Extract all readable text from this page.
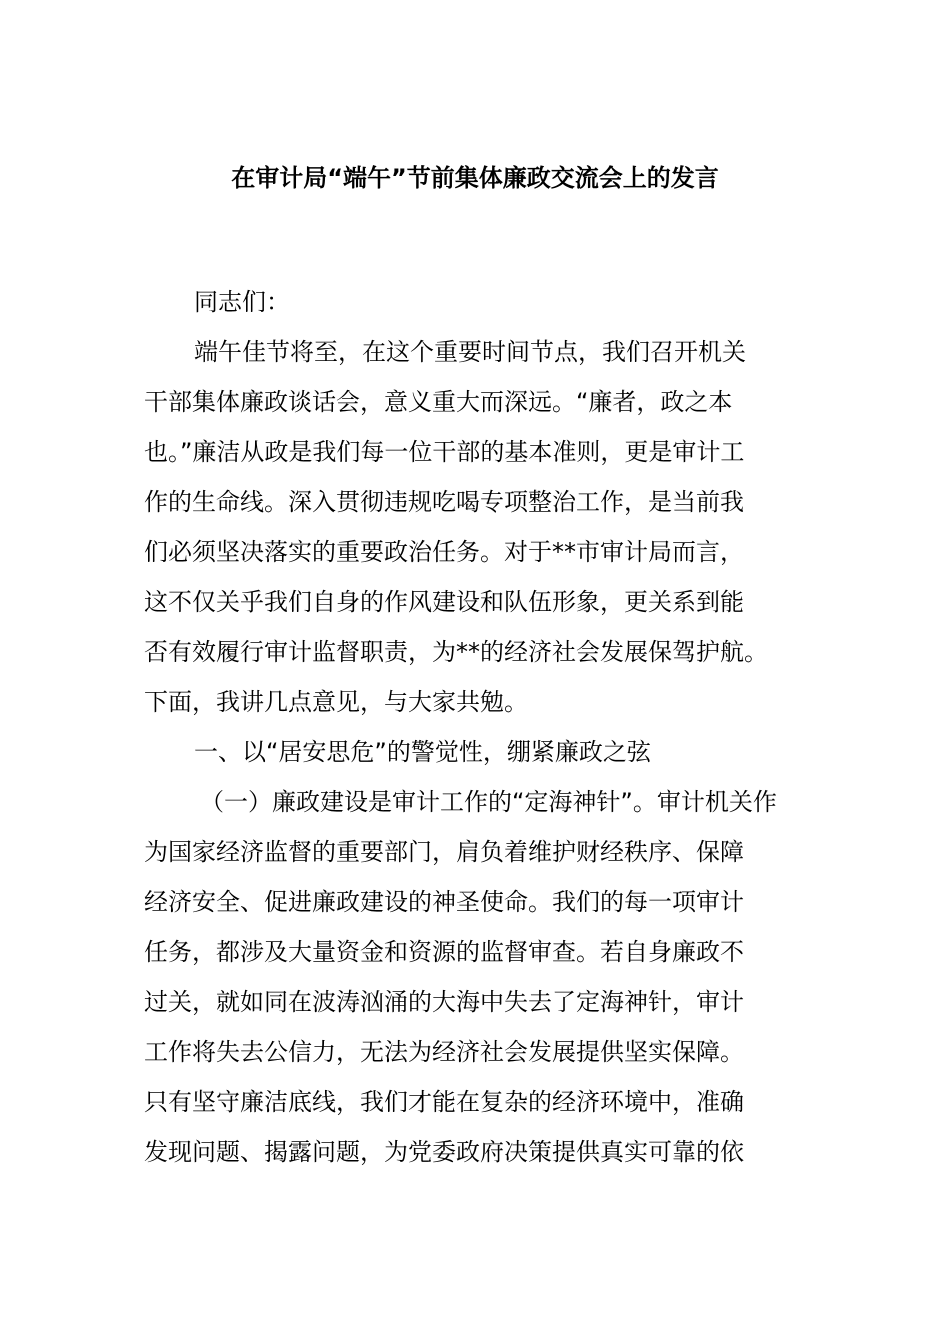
在审计局“端午”节前集体廉政交流会上的发言
同志们：
端午佳节将至，在这个重要时间节点，我们召开机关
干部集体廉政谈话会，意义重大而深远。“廉者，政之本
也。”廉洁从政是我们每一位干部的基本准则，更是审计工
作的生命线。深入贯彻违规吃喝专项整治工作，是当前我
们必须坚决落实的重要政治任务。对于**市审计局而言，
这不仅关乎我们自身的作风建设和队伍形象，更关系到能
否有效履行审计监督职责，为**的经济社会发展保驾护航。
下面，我讲几点意见，与大家共勉。
一、以“居安思危”的警觉性，绷紧廉政之弦
（一）廉政建设是审计工作的“定海神针”。审计机关作
为国家经济监督的重要部门，肩负着维护财经秩序、保障
经济安全、促进廉政建设的神圣使命。我们的每一项审计
任务，都涉及大量资金和资源的监督审查。若自身廉政不
过关，就如同在波涛汹涌的大海中失去了定海神针，审计
工作将失去公信力，无法为经济社会发展提供坚实保障。
只有坚守廉洁底线，我们才能在复杂的经济环境中，准确
发现问题、揭露问题，为党委政府决策提供真实可靠的依
